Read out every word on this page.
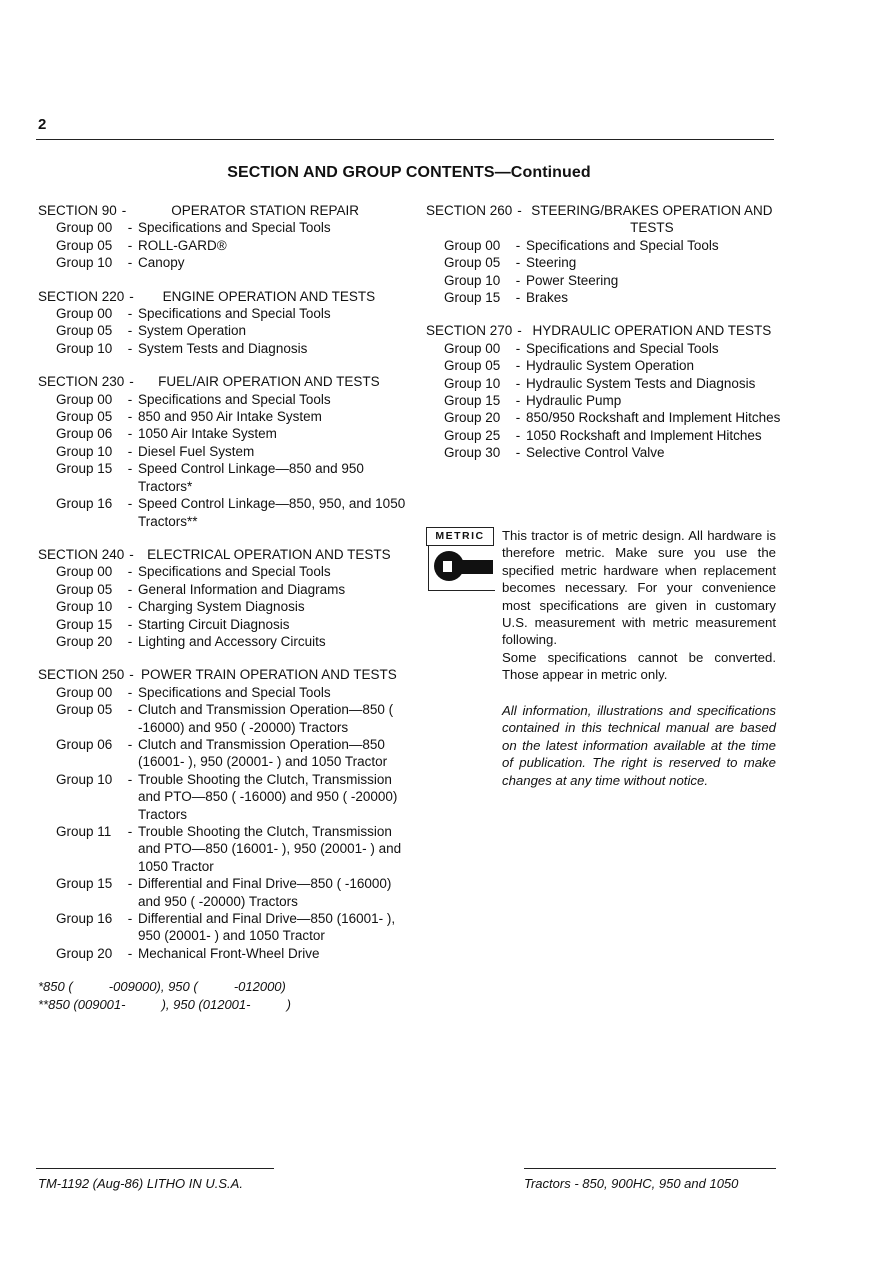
2
SECTION AND GROUP CONTENTS—Continued
SECTION 90 -	OPERATOR STATION REPAIR
Group 00	- Specifications and Special Tools
Group 05	- ROLL-GARD®
Group 10	- Canopy
SECTION 220 -	ENGINE OPERATION AND TESTS
Group 00	- Specifications and Special Tools
Group 05	- System Operation
Group 10	- System Tests and Diagnosis
SECTION 230 -	FUEL/AIR OPERATION AND TESTS
Group 00	- Specifications and Special Tools
Group 05	- 850 and 950 Air Intake System
Group 06	- 1050 Air Intake System
Group 10	- Diesel Fuel System
Group 15	- Speed Control Linkage—850 and 950 Tractors*
Group 16	- Speed Control Linkage—850, 950, and 1050 Tractors**
SECTION 240 - ELECTRICAL OPERATION AND TESTS
Group 00	- Specifications and Special Tools
Group 05	- General Information and Diagrams
Group 10	- Charging System Diagnosis
Group 15	- Starting Circuit Diagnosis
Group 20	- Lighting and Accessory Circuits
SECTION 250 - POWER TRAIN OPERATION AND TESTS
Group 00	- Specifications and Special Tools
Group 05	- Clutch and Transmission Operation—850 ( -16000) and 950 ( -20000) Tractors
Group 06	- Clutch and Transmission Operation—850 (16001- ), 950 (20001- ) and 1050 Tractor
Group 10	- Trouble Shooting the Clutch, Transmission and PTO—850 ( -16000) and 950 ( -20000) Tractors
Group 11	- Trouble Shooting the Clutch, Transmission and PTO—850 (16001- ), 950 (20001- ) and 1050 Tractor
Group 15	- Differential and Final Drive—850 ( -16000) and 950 ( -20000) Tractors
Group 16	- Differential and Final Drive—850 (16001- ), 950 (20001- ) and 1050 Tractor
Group 20	- Mechanical Front-Wheel Drive
*850 (          -009000), 950 (          -012000)
**850 (009001-          ), 950 (012001-          )
SECTION 260 - STEERING/BRAKES OPERATION AND TESTS
Group 00	- Specifications and Special Tools
Group 05	- Steering
Group 10	- Power Steering
Group 15	- Brakes
SECTION 270 - HYDRAULIC OPERATION AND TESTS
Group 00	- Specifications and Special Tools
Group 05	- Hydraulic System Operation
Group 10	- Hydraulic System Tests and Diagnosis
Group 15	- Hydraulic Pump
Group 20	- 850/950 Rockshaft and Implement Hitches
Group 25	- 1050 Rockshaft and Implement Hitches
Group 30	- Selective Control Valve
METRIC	This tractor is of metric design. All hardware is therefore metric. Make sure you use the specified metric hardware when replacement becomes necessary. For your convenience most specifications are given in customary U.S. measurement with metric measurement following.
Some specifications cannot be converted. Those appear in metric only.
All information, illustrations and specifications contained in this technical manual are based on the latest information available at the time of publication. The right is reserved to make changes at any time without notice.
TM-1192 (Aug-86) LITHO IN U.S.A.	Tractors - 850, 900HC, 950 and 1050
